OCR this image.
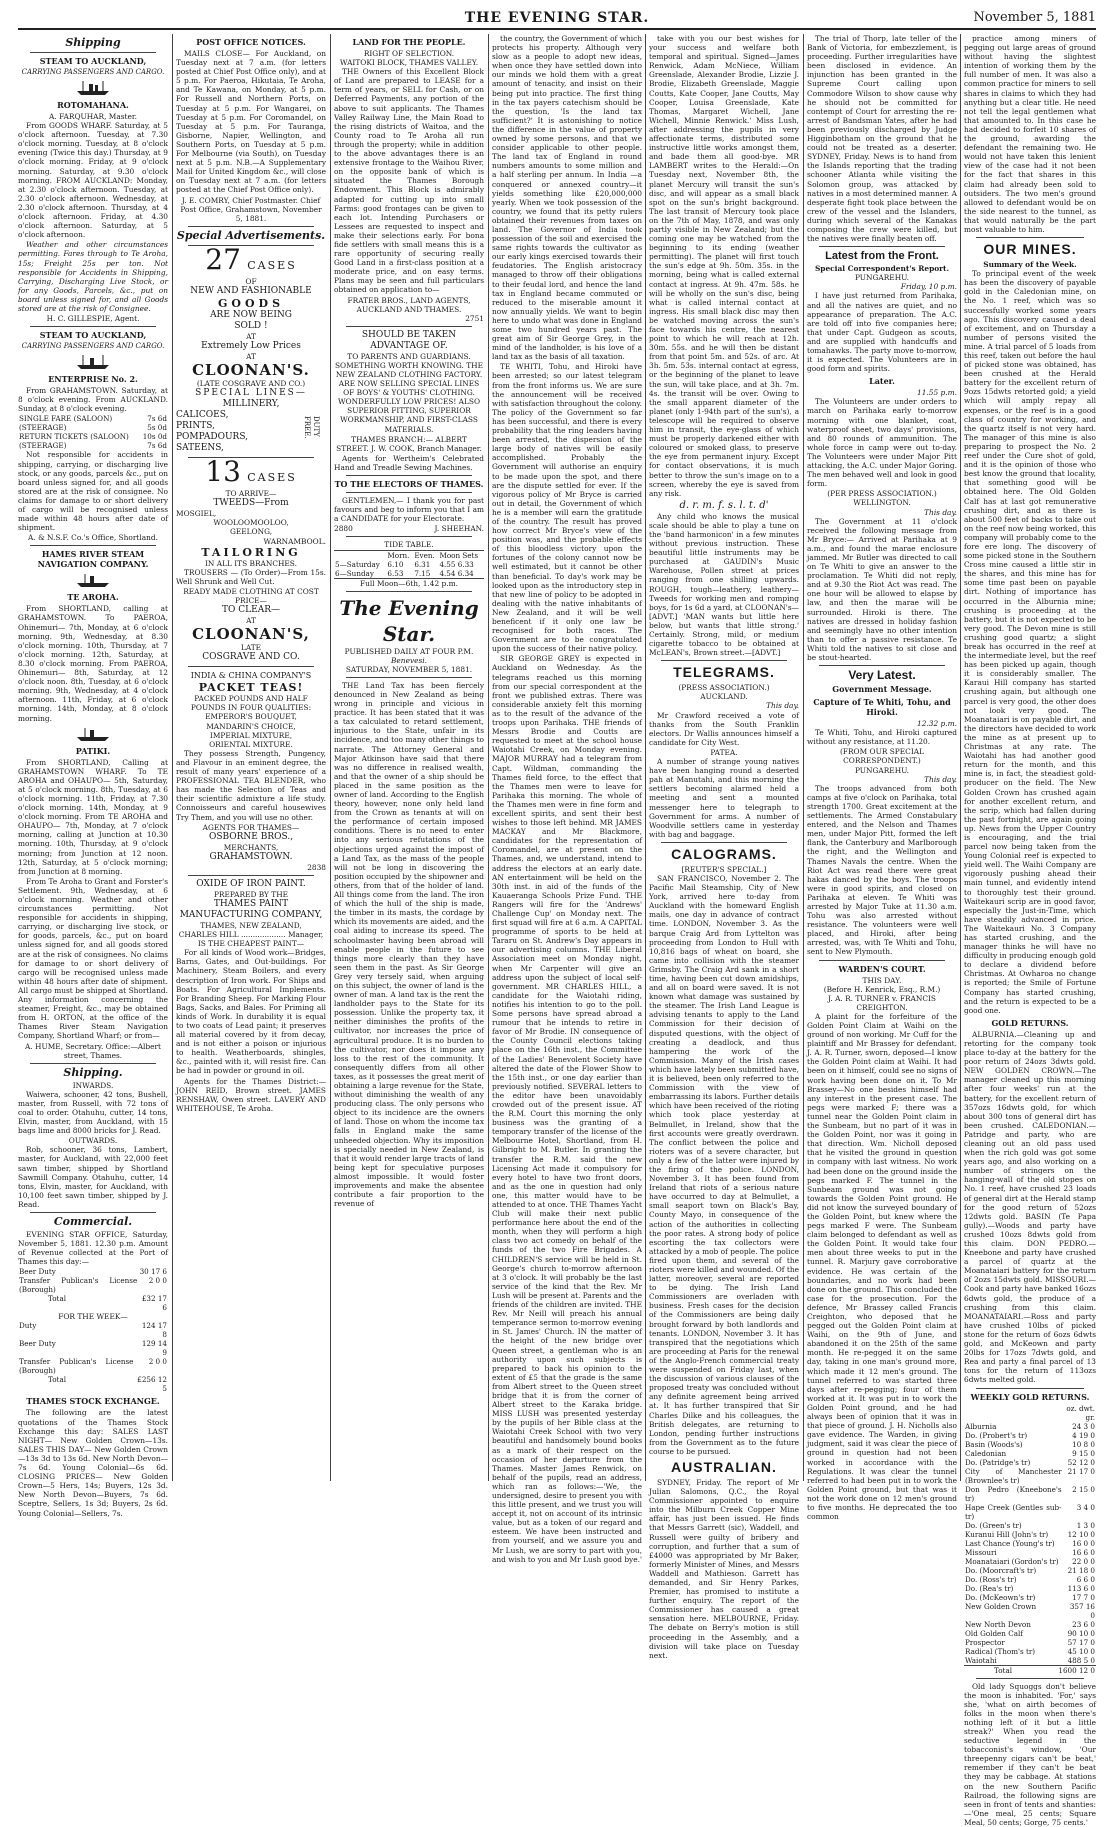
THE EVENING STAR.	November 5, 1881
Shipping
STEAM TO AUCKLAND,
CARRYING PASSENGERS AND CARGO.
ROTOMAHANA.
A. FARQUHAR, Master.

From GOODS WHARF. Saturday, at 5 o'clock afternoon. Tuesday, at 7.30 o'clock morning. Tuesday, at 8 o'clock evening (Twice this day.) Thursday, at 9 o'clock morning. Friday, at 9 o'clock morning. Saturday, at 9.30 o'clock morning. FROM AUCKLAND: Monday, at 2.30 o'clock afternoon. Tuesday, at 2.30 o'clock afternoon. Wednesday, at 2.30 o'clock afternoon. Thursday, at 4 o'clock afternoon. Friday, at 4.30 o'clock afternoon. Saturday, at 5 o'clock afternoon.

Weather and other circumstances permitting. Fares through to Te Aroha, 15s; Freight 25s per ton. Not responsible for Accidents in Shipping, Carrying, Discharging Live Stock, or for any Goods, Parcels, &c., put on board unless signed for, and all Goods stored are at the risk of Consignee.

H. C. GILLESPIE, Agent.
STEAM TO AUCKLAND,
CARRYING PASSENGERS AND CARGO.
ENTERPRISE No. 2.

From GRAHAMSTOWN. Saturday, at 8 o'clock evening. From AUCKLAND. Sunday, at 8 o'clock evening.

SINGLE FARE (SALOON)	7s 6d
(STEERAGE)	5s 0d
RETURN TICKETS (SALOON)	10s 0d
(STEERAGE)	7s 6d

Not responsible for accidents in shipping, carrying, or discharging live stock, or any goods, parcels &c., put on board unless signed for, and all goods stored are at the risk of consignee. No claims for damage to or short delivery of cargo will be recognised unless made within 48 hours after date of shipment.

A. & N.S.F. Co.'s Office, Shortland.
HAMES RIVER STEAM NAVIGATION COMPANY.
TE AROHA.

From SHORTLAND, calling at GRAHAMSTOWN. To PAEROA, Ohinemuri— 7th, Monday, at 6 o'clock morning. 9th, Wednesday, at 8.30 o'clock morning. 10th, Thursday, at 7 o'clock morning. 12th, Saturday, at 8.30 o'clock morning. From PAEROA, Ohinemuri— 8th, Saturday, at 12 o'clock noon. 8th, Tuesday, at 6 o'clock morning. 9th, Wednesday, at 4 o'clock afternoon. 11th, Friday, at 6 o'clock morning. 14th, Monday, at 8 o'clock morning.

PATIKI.

From SHORTLAND, Calling at GRAHAMSTOWN WHARF. To TE AROHA and OHAUPO— 5th, Saturday, at 5 o'clock morning. 8th, Tuesday, at 6 o'clock morning. 11th, Friday, at 7.30 o'clock morning. 14th, Monday, at 9 o'clock morning. From TE AROHA and OHAUPO— 7th, Monday, at 7 o'clock morning, calling at Junction at 10.30 morning. 10th, Thursday, at 9 o'clock morning; from Junction at 12 noon. 12th, Saturday, at 5 o'clock morning; from Junction at 8 morning.

From Te Aroha to Grant and Forster's Settlement. 9th, Wednesday, at 6 o'clock morning. Weather and other circumstances permitting. Not responsible for accidents in shipping, carrying, or discharging live stock, or for goods, parcels, &c., put on board unless signed for, and all goods stored are at the risk of consignees. No claims for damage to or short delivery of cargo will be recognised unless made within 48 hours after date of shipment. All cargo must be shipped at Shortland. Any information concerning the steamer, Freight, &c., may be obtained from H. ORTON, at the office of the Thames River Steam Navigation Company, Shortland Wharf; or from—

A. HUME, Secretary. Office:—Albert street, Thames.
Shipping.
INWARDS.

Waiwera, schooner, 42 tons, Bushell, master, from Russell, with 72 tons of coal to order. Otahuhu, cutter, 14 tons, Elvin, master, from Auckland, with 15 bags lime and 8000 bricks for J. Read.

OUTWARDS.

Rob, schooner, 36 tons, Lambert, master, for Auckland, with 22,000 feet sawn timber, shipped by Shortland Sawmill Company. Otahuhu, cutter, 14 tons, Elvin, master, for Auckland, with 10,100 feet sawn timber, shipped by J. Read.

Commercial.

EVENING STAR OFFICE, Saturday, November 5, 1881. 12.30 p.m. Amount of Revenue collected at the Port of Thames this day:—

Beer Duty	30 17 6
Transfer Publican's License (Borough)	2 0 0
Total	£32 17 6
FOR THE WEEK—
Duty	124 17 8
Beer Duty	129 14 9
Transfer Publican's License (Borough)	2 0 0
Total	£256 12 5
THAMES STOCK EXCHANGE.

The following are the latest quotations of the Thames Stock Exchange this day: SALES LAST NIGHT— New Golden Crown—13s. SALES THIS DAY— New Golden Crown—13s 3d to 13s 6d. New North Devon—7s 6d. Young Colonial—6s 6d. CLOSING PRICES— New Golden Crown—5 Hers, 14s; Buyers, 12s 3d. New North Devon—Buyers, 7s 6d. Sceptre, Sellers, 1s 3d; Buyers, 2s 6d. Young Colonial—Sellers, 7s.

POST OFFICE NOTICES.

MAILS CLOSE— For Auckland, on Tuesday next at 7 a.m. (for letters posted at Chief Post Office only), and at 5 p.m. For Paeroa, Hikutaia, Te Aroha, and Te Kawana, on Monday, at 5 p.m. For Russell and Northern Ports, on Tuesday at 5 p.m. For Wangarei, on Tuesday at 5 p.m. For Coromandel, on Tuesday at 5 p.m. For Tauranga, Gisborne, Napier, Wellington, and Southern Ports, on Tuesday at 5 p.m. For Melbourne (via South), on Tuesday next at 5 p.m. N.B.—A Supplementary Mail for United Kingdom &c., will close on Tuesday next at 7 a.m. (for letters posted at the Chief Post Office only).

J. E. COMRY, Chief Postmaster. Chief Post Office, Grahamstown, November 5, 1881.
Special Advertisements.
27 CASES
OF
NEW AND FASHIONABLE
GOODS
ARE NOW BEING
SOLD !
AT
Extremely Low Prices
AT
CLOONAN'S.
(LATE COSGRAVE AND CO.)
SPECIAL LINES—
MILLINERY,
CALICOES,
PRINTS,
POMPADOURS,
SATEENS,
DUTY FREE.
13 CASES
TO ARRIVE—
TWEEDS—From
MOSGIEL,
WOOLOOMOOLOO,
GEELONG,
WARNAMBOOL.
TAILORING
IN ALL ITS BRANCHES.

TROUSERS — (To Order)—From 15s. Well Shrunk and Well Cut.

READY MADE CLOTHING AT COST PRICE—
TO CLEAR—
AT
CLOONAN'S,
LATE
COSGRAVE AND CO.
INDIA & CHINA COMPANY'S
PACKET TEAS!
PACKED POUNDS AND HALF POUNDS IN FOUR QUALITIES:
EMPEROR'S BOUQUET,
MANDARIN'S CHOICE,
IMPERIAL MIXTURE,
ORIENTAL MIXTURE.

They possess Strength, Pungency, and Flavour in an eminent degree, the result of many years' experience of a PROFESSIONAL TEA BLENDER, who has made the Selection of Teas and their scientific admixture a life study. Connoisseurs and careful housewives Try Them, and you will use no other.

AGENTS FOR THAMES—
OSBORNE BROS.,
MERCHANTS,
GRAHAMSTOWN.
2838
OXIDE OF IRON PAINT.
PREPARED BY THE
THAMES PAINT MANUFACTURING COMPANY,
THAMES, NEW ZEALAND,
CHARLES HILL ................... Manager,
IS THE CHEAPEST PAINT—

For all kinds of Wood work—Bridges, Barns, Gates, and Out-buildings. For Machinery, Steam Boilers, and every description of Iron work. For Ships and Boats. For Agricultural Implements. For Branding Sheep. For Marking Flour Bags, Sacks, and Bales. For Priming all kinds of Work. In durability it is equal to two coats of Lead paint; it preserves all material covered by it from decay, and is not either a poison or injurious to health. Weatherboards, shingles, &c., painted with it, will resist fire. Can be had in powder or ground in oil.

Agents for the Thames District:— JOHN REID, Brown street. JAMES RENSHAW, Owen street. LAVERY AND WHITEHOUSE, Te Aroha.

LAND FOR THE PEOPLE.
RIGHT OF SELECTION.
WAITOKI BLOCK, THAMES VALLEY.

THE Owners of this Excellent Block of Land are prepared to LEASE for a term of years, or SELL for Cash, or on Deferred Payments, any portion of the above to suit applicants. The Thames Valley Railway Line, the Main Road to the rising districts of Waitoa, and the County road to Te Aroha all run through the property; while in addition to the above advantages there is an extensive frontage to the Waihou River, on the opposite bank of which is situated the Thames Borough Endowment. This Block is admirably adapted for cutting up into small Farms: good frontages can be given to each lot. Intending Purchasers or Lessees are requested to inspect and make their selections early. For bona fide settlers with small means this is a rare opportunity of securing really Good Land in a first-class position at a moderate price, and on easy terms. Plans may be seen and full particulars obtained on application to—

FRATER BROS., LAND AGENTS, AUCKLAND AND THAMES.
2751
SHOULD BE TAKEN ADVANTAGE OF.
TO PARENTS AND GUARDIANS.

SOMETHING WORTH KNOWING. THE NEW ZEALAND CLOTHING FACTORY. ARE NOW SELLING SPECIAL LINES OF BOYS' & YOUTHS' CLOTHING. WONDERFULLY LOW PRICES! ALSO SUPERIOR FITTING, SUPERIOR WORKMANSHIP, AND FIRST-CLASS MATERIALS.

THAMES BRANCH:— ALBERT STREET. J. W. COOK, Branch Manager.

Agents for Wertheim's Celebrated Hand and Treadle Sewing Machines.

TO THE ELECTORS OF THAMES.

GENTLEMEN,— I thank you for past favours and beg to inform you that I am a CANDIDATE for your Electorate.

2880	J. SHEEHAN.
TIDE TABLE.
	Morn.	Even.	Moon Sets
5—Saturday	6.10	6.31	4.55 6.33
6—Sunday	6.53	7.15	4.54 6.34
Full Moon—6th, 1.42 p.m.
The Evening Star.
PUBLISHED DAILY AT FOUR P.M.
Benevesi.
SATURDAY, NOVEMBER 5, 1881.

THE Land Tax has been fiercely denounced in New Zealand as being wrong in principle and vicious in practice. It has been stated that it was a tax calculated to retard settlement, injurious to the State, unfair in its incidence, and too many other things to narrate. The Attorney General and Major Atkinson have said that there was no difference in realised wealth, and that the owner of a ship should be placed in the same position as the owner of land. According to the English theory, however, none only held land from the Crown as tenants at will on the performance of certain imposed conditions. There is no need to enter into any serious refutations of the objections urged against the impost of a Land Tax, as the mass of the people will not be long in discovering the position occupied by the shipowner and others, from that of the holder of land. All things come from the land. The iron of which the hull of the ship is made, the timber in its masts, the cordage by which its movements are aided, and the coal aiding to increase its speed. The schoolmaster having been abroad will enable people in the future to see things more clearly than they have seen them in the past. As Sir George Grey very tersely said, when arguing on this subject, the owner of land is the owner of man. A land tax is the rent the landholder pays to the State for its possession. Unlike the property tax, it neither diminishes the profits of the cultivator, nor increases the price of agricultural produce. It is no burden to the cultivator, nor does it impose any loss to the rest of the community. It consequently differs from all other taxes, as it possesses the great merit of obtaining a large revenue for the State, without diminishing the wealth of any producing class. The only persons who object to its incidence are the owners of land. Those on whom the income tax falls in England make the same unheeded objection. Why its imposition is specially needed in New Zealand, is that it would render large tracts of land being kept for speculative purposes almost impossible. It would foster improvements and make the absentee contribute a fair proportion to the revenue of

the country, the Government of which protects his property. Although very slow as a people to adopt new ideas, when once they have settled down into our minds we hold them with a great amount of tenacity, and insist on their being put into practice. The first thing in the tax payers catechism should be the question, 'Is the land tax sufficient?' It is astonishing to notice the difference in the value of property owned by some persons, and that we consider applicable to other people. The land tax of England in round numbers amounts to some million and a half sterling per annum. In India —a conquered or annexed country—it yields something like £20,000,000 yearly. When we took possession of the country, we found that its petty rulers obtained their revenues from taxes on land. The Governor of India took possession of the soil and exercised the same rights towards the cultivator as our early kings exercised towards their feudatories. The English aristocracy managed to throw off their obligations to their feudal lord, and hence the land tax in England became commuted or reduced to the miserable amount it now annually yields. We want to begin here to undo what was done in England some two hundred years past. The great aim of Sir George Grey, in the mind of the landholder, is his love of a land tax as the basis of all taxation.

TE WHITI, Tohu, and Hiroki have been arrested; so our latest telegram from the front informs us. We are sure the announcement will be received with satisfaction throughout the colony. The policy of the Government so far has been successful, and there is every probability that the ring leaders having been arrested, the dispersion of the large body of natives will be easily accomplished. Probably the Government will authorise an enquiry to be made upon the spot, and there are the dispute settled for ever. If the vigorous policy of Mr Bryce is carried out in detail, the Government of which he is a member will earn the gratitude of the country. The result has proved how correct Mr Bryce's view of the position was, and the probable effects of this bloodless victory upon the fortunes of the colony cannot now be well estimated, but it cannot be other than beneficial. To day's work may be looked upon as the introductory step in that new line of policy to be adopted in dealing with the native inhabitants of New Zealand, and it will be well beneficent if it only one law be recognised for both races. The Government are to be congratulated upon the success of their native policy.

SIR GEORGE GREY is expected in Auckland on Wednesday. As the telegrams reached us this morning from our special correspondent at the front we published extras. There was considerable anxiety felt this morning as to the result of the advance of the troops upon Parihaka. THE friends of Messrs Brodie and Coutts are requested to meet at the school house Waiotahi Creek, on Monday evening. MAJOR MURRAY had a telegram from Capt. Wildman, commanding the Thames field force, to the effect that the Thames men were to leave for Parihaka this morning. The whole of the Thames men were in fine form and excellent spirits, and sent their best wishes to those left behind. MR JAMES MACKAY and Mr Blackmore, candidates for the representation of Coromandel, are at present on the Thames, and, we understand, intend to address the electors at an early date. AN entertainment will be held on the 30th inst. in aid of the funds of the Kauaeranga Schools Prize Fund. THE Rangers will fire for the 'Andrews' Challenge Cup' on Monday next. The first squad will fire at 6 a.m. A CAPITAL programme of sports to be held at Tararu on St. Andrew's Day appears in our advertising columns. THE Liberal Association meet on Monday night, when Mr Carpenter will give an address upon the subject of local self-government. MR CHARLES HILL, a candidate for the Waiotahi riding, notifies his intention to go to the poll. Some persons have spread abroad a rumour that he intends to retire in favor of Mr Brodie. IN consequence of the County Council elections taking place on the 16th inst., the Committee of the Ladies' Benevolent Society have altered the date of the Flower Show to the 15th inst., or one day earlier than previously notified. SEVERAL letters to the editor have been unavoidably crowded out of the present issue. AT the R.M. Court this morning the only business was the granting of a temporary transfer of the license of the Melbourne Hotel, Shortland, from H. Gilbright to M. Butler. In granting the transfer the R.M. said the new Licensing Act made it compulsory for every hotel to have two front doors, and as the one in question had only one, this matter would have to be attended to at once. THE Thames Yacht Club will make their next public performance here about the end of the month, when they will perform a high class two act comedy on behalf of the funds of the two Fire Brigades. A CHILDREN'S service will be held in St. George's church to-morrow afternoon at 3 o'clock. It will probably be the last service of the kind that the Rev. Mr Lush will be present at. Parents and the friends of the children are invited. THE Rev. Mr Neill will preach his annual temperance sermon to-morrow evening in St. James' Church. IN the matter of the height of the new bridge over Queen street, a gentleman who is an authority upon such subjects is prepared to back his opinion to the extent of £5 that the grade is the same from Albert street to the Queen street bridge that it is from the corner of Albert street to the Karaka bridge. MISS LUSH was presented yesterday by the pupils of her Bible class at the Waiotahi Creek School with two very beautiful and handsomely bound books as a mark of their respect on the occasion of her departure from the Thames. Master James Renwick, on behalf of the pupils, read an address, which ran as follows:—'We, the undersigned, desire to present you with this little present, and we trust you will accept it, not on account of its intrinsic value, but as a token of our regard and esteem. We have been instructed and from yourself, and we assure you and Mr Lush, we are sorry to part with you, and wish to you and Mr Lush good bye.'

take with you our best wishes for your success and welfare both temporal and spiritual. Signed—James Renwick, Adam McNiece, William Greenslade, Alexander Brodie, Lizzie J. Brodie, Elizabeth Greenslade, Maggie Coutts, Kate Cooper, Jane Coutts, May Cooper, Louisa Greenslade, Kate Thomas, Margaret Wichell, Jane Wichell, Minnie Renwick.' Miss Lush, after addressing the pupils in very affectionate terms, distributed some instructive little works amongst them, and bade them all good-bye. MR LAMBERT writes to the Herald:—On Tuesday next, November 8th, the planet Mercury will transit the sun's disc, and will appear as a small black spot on the sun's bright background. The last transit of Mercury took place on the 7th of May, 1878, and was only partly visible in New Zealand; but the coming one may be watched from the beginning to its ending (weather permitting). The planet will first touch the sun's edge at 9h. 50m. 35s. in the morning, being what is called external contact at ingress. At 9h. 47m. 58s. he will be wholly on the sun's disc, being what is called internal contact at ingress. His small black disc may then be watched moving across the sun's face towards his centre, the nearest point to which he will reach at 12h. 30m. 55s. and he will then be distant from that point 5m. and 52s. of arc. At 3h. 5m. 53s. internal contact at egress, or the beginning of the planet to leave the sun, will take place, and at 3h. 7m. 4s. the transit will be over. Owing to the small apparent diameter of the planet (only 1-94th part of the sun's), a telescope will be required to observe him in transit, the eye-glass of which must be properly darkened either with coloured or smoked glass, to preserve the eye from permanent injury. Except for contact observations, it is much better to throw the sun's image on to a screen, whereby the eye is saved from any risk.

d. r. m. f. s. l. t. d'

Any child who knows the musical scale should be able to play a tune on the 'band harmonicon' in a few minutes without previous instruction. These beautiful little instruments may be purchased at GAUDIN's Music Warehouse, Pollen street at prices ranging from one shilling upwards. ROUGH, tough—leathery, leathery—Tweeds for working men and romping boys, for 1s 6d a yard, at CLOONAN's—[ADVT.] 'MAN wants but little here below, but wants that little strong.' Certainly. Strong, mild, or medium cigarette tobacco to be obtained at McLEAN's, Brown street.—[ADVT.]

TELEGRAMS.
(PRESS ASSOCIATION.)
AUCKLAND.
This day.

Mr Crawford received a vote of thanks from the South Franklin electors. Dr Wallis announces himself a candidate for City West.

PATEA.

A number of strange young natives have been hanging round a deserted pah at Manutahi, and this morning the settlers becoming alarmed held a meeting and sent a mounted messenger here to telegraph to Government for arms. A number of Woodville settlers came in yesterday with bag and baggage.

CALOGRAMS.
[REUTER'S SPECIAL.]

SAN FRANCISCO, November 2. The Pacific Mail Steamship, City of New York, arrived here to-day from Auckland with the homeward English mails, one day in advance of contract time. LONDON, November 3. As the barque Craig Ard from Lyttelton was proceeding from London to Hull with 10,816 bags of wheat on board, she came into collision with the steamer Grimsby. The Craig Ard sank in a short time, having been cut down amidships, and all on board were saved. It is not known what damage was sustained by the steamer. The Irish Land League is advising tenants to apply to the Land Commission for their decision of disputed questions, with the object of creating a deadlock, and thus hampering the work of the Commission. Many of the Irish cases which have lately been submitted have, it is believed, been only referred to the Commission with the view of embarrassing its labors. Further details which have been received of the rioting which took place yesterday at Belmullet, in Ireland, show that the first accounts were greatly overdrawn. The conflict between the police and rioters was of a severe character, but only a few of the latter were injured by the firing of the police. LONDON, November 3. It has been found from Ireland that riots of a serious nature have occurred to day at Belmullet, a small seaport town on Black's Bay, County Mayo, in consequence of the action of the authorities in collecting the poor rates. A strong body of police escorting the tax collectors were attacked by a mob of people. The police fired upon them, and several of the rioters were killed and wounded. Of the latter, moreover, several are reported to be dying. The Irish Land Commissioners are overladen with business. Fresh cases for the decision of the Commissioners are being daily brought forward by both landlords and tenants. LONDON, November 3. It has transpired that the negotiations which are proceeding at Paris for the renewal of the Anglo-French commercial treaty were suspended on Friday last, when the discussion of various clauses of the proposed treaty was concluded without any definite agreement being arrived at. It has further transpired that Sir Charles Dilke and his colleagues, the British delegates, are returning to London, pending further instructions from the Government as to the future course to be pursued.

AUSTRALIAN.

SYDNEY, Friday. The report of Mr Julian Salomons, Q.C., the Royal Commissioner appointed to enquire into the Milburn Creek Copper Mine affair, has just been issued. He finds that Messrs Garrett (sic), Waddell, and Russell were guilty of bribery and corruption, and further that a sum of £4000 was appropriated by Mr Baker, formerly Minister of Mines, and Messrs Waddell and Mathieson. Garrett has demanded, and Sir Henry Parkes, Premier, has promised to institute a further enquiry. The report of the Commissioner has caused a great sensation here. MELBOURNE, Friday. The debate on Berry's motion is still proceeding in the Assembly, and a division will take place on Tuesday next.

The trial of Thorp, late teller of the Bank of Victoria, for embezzlement, is proceeding. Further irregularities have been disclosed in evidence. An injunction has been granted in the Supreme Court calling upon Commodore Wilson to show cause why he should not be committed for contempt of Court for arresting the re-arrest of Bandsman Yates, after he had been previously discharged by Judge Higginbotham on the ground that he could not be treated as a deserter. SYDNEY, Friday. News is to hand from the Islands reporting that the trading schooner Atlanta while visiting the Solomon group, was attacked by natives in a most determined manner. A desperate fight took place between the crew of the vessel and the Islanders, during which several of the Kanakas composing the crew were killed, but the natives were finally beaten off.

Latest from the Front.
Special Correspondent's Report.
PUNGAREHU.
Friday, 10 p.m.

I have just returned from Parihaka, and all the natives are quiet, and no appearance of preparation. The A.C. are told off into five companies here; that under Capt. Gudgeon as scouts, and are supplied with handcuffs and tomahawks. The party move to-morrow, it is expected. The Volunteers are in good form and spirits.

Later.
11.55 p.m.

The Volunteers are under orders to march on Parihaka early to-morrow morning with one blanket, coat, waterproof sheet, two days' provisions, and 80 rounds of ammunition. The whole force in camp were out to-day. The Volunteers were under Major Pitt attacking, the A.C. under Major Goring. The men behaved well and look in good form.

(PER PRESS ASSOCIATION.)
WELLINGTON.
This day.

The Government at 11 o'clock received the following message from Mr Bryce:— Arrived at Parihaka at 9 a.m., and found the marae enclosure jammed. Mr Butler was directed to call on Te Whiti to give an answer to the proclamation. Te Whiti did not reply, and at 9.30 the Riot Act was read. The one hour will be allowed to elapse by law, and then the marae will be surrounded. Hiroki is there. The natives are dressed in holiday fashion and seemingly have no other intention than to offer a passive resistance. Te Whiti told the natives to sit close and be stout-hearted.

Very Latest.
Government Message.
Capture of Te Whiti, Tohu, and Hiroki.
12.32 p.m.

Te Whiti, Tohu, and Hiroki captured without any resistance, at 11.20.

(FROM OUR SPECIAL CORRESPONDENT.)
PUNGAREHU.
This day.

The troops advanced from both camps at five o'clock on Parihaka, total strength 1700. Great excitement at the settlements. The Armed Constabulary entered, and the Nelson and Thames men, under Major Pitt, formed the left flank, the Canterbury and Marlborough the right, and the Wellington and Thames Navals the centre. When the Riot Act was read there were great hakas danced by the boys. The troops were in good spirits, and closed on Parihaka at eleven. Te Whiti was arrested by Major Tuke at 11.30 a.m. Tohu was also arrested without resistance. The volunteers were well placed, and Hiroki, after being arrested, was, with Te Whiti and Tohu, sent to New Plymouth.

WARDEN'S COURT.
THIS DAY.
(Before H. Kenrick, Esq., R.M.)
J. A. R. TURNER v. FRANCIS CREIGHTON.

A plaint for the forfeiture of the Golden Point Claim at Waihi on the ground of non working. Mr Cuff for the plaintiff and Mr Brassey for defendant. J. A. R. Turner, sworn, deposed—I know the Golden Point claim at Waihi. It had been on it himself, could see no signs of work having been done on it. To Mr Brassey—No one besides himself had any interest in the present case. The pegs were marked F; there was a tunnel near the Golden Point claim in the Sunbeam, but no part of it was in the Golden Point, nor was it going in that direction. Wm. Nicholl deposed that he visited the ground in question in company with last witness. No work had been done on the ground inside the pegs marked F. The tunnel in the Sunbeam ground was not going towards the Golden Point ground. He did not know the surveyed boundary of the Golden Point, but knew where the pegs marked F were. The Sunbeam claim belonged to defendant as well as the Golden Point. It would take four men about three weeks to put in the tunnel. R. Marjury gave corroborative evidence. He was certain of the boundaries, and no work had been done on the ground. This concluded the case for the prosecution. For the defence, Mr Brassey called Francis Creighton, who deposed that he pegged out the Golden Point claim at Waihi, on the 9th of June, and abandoned it on the 25th of the same month. He re-pegged it on the same day, taking in one man's ground more, which made it 12 men's ground. The tunnel referred to was started three days after re-pegging; four of them worked at it. It was put in to work the Golden Point ground, and he had always been of opinion that it was in that piece of ground. J. H. Nicholls also gave evidence. The Warden, in giving judgment, said it was clear the piece of ground in question had not been worked in accordance with the Regulations. It was clear the tunnel referred to had been put in to work the Golden Point ground, but that was it not the work done on 12 men's ground to five months. He deprecated the too common

practice among miners of pegging out large areas of ground without having the slightest intention of working them by the full number of men. It was also a common practice for miners to sell shares in claims to which they had anything but a clear title. He need not tell the legal gentlemen what that amounted to. In this case he had decided to forfeit 10 shares of the ground, awarding the defendant the remaining two. He would not have taken this lenient view of the case had it not been for the fact that shares in this claim had already been sold to outsiders. The two men's ground allowed to defendant would be on the side nearest to the tunnel, as that would naturally be the part most valuable to him.

OUR MINES.
Summary of the Week.

To principal event of the week has been the discovery of payable gold in the Caledonian mine, on the No. 1 reef, which was so successfully worked some years ago. This discovery caused a deal of excitement, and on Thursday a number of persons visited the mine. A trial parcel of 5 loads from this reef, taken out before the haul of picked stone was obtained, has been crushed at the Herald battery for the excellent return of 9ozs 15dwts retorted gold; a yield which will amply repay all expenses, or the reef is in a good class of country for working, and the quartz itself is not very hard. The manager of this mine is also preparing to prospect the No. 2 reef under the Cure shot of gold, and it is the opinion of those who best know the ground that locality, that something good will be obtained here. The Old Golden Calf has at last got remunerative crushing dirt, and as there is about 500 feet of backs to take out on the reef now being worked, this company will probably come to the fore ere long. The discovery of some picked stone in the Southern Cross mine caused a little stir in the shares, and this mine has for some time past been on payable dirt. Nothing of importance has occurred in the Alburnia mine; crushing is proceeding at the battery, but it is not expected to be very good. The Devon mine is still crushing good quartz; a slight break has occurred in the reef at the intermediate level, but the reef has been picked up again, though it is considerably smaller. The Karaui Hill company has started crushing again, but although one parcel is very good, the other does not look very good. The Moanataiari is on payable dirt, and the directors have decided to work the mine as at present up to Christmas at any rate. The Waiotahi has had another good return for the month, and this mine is, in fact, the steadiest gold-producer on the field. The New Golden Crown has crushed again for another excellent return, and the scrip, which had fallen during the past fortnight, are again going up. News from the Upper Country is encouraging, and the trial parcel now being taken from the Young Colonial reef is expected to yield well. The Waihi Company are vigorously pushing ahead their main tunnel, and evidently intend to thoroughly test their ground. Waitekauri scrip are in good favor, especially the Just-in-Time, which have steadily advanced in price. The Waitekauri No. 3 Company has started crushing, and the manager thinks he will have no difficulty in producing enough gold to declare a dividend before Christmas. At Owharoa no change is reported; the Smile of Fortune Company has started crushing, and the return is expected to be a good one.

GOLD RETURNS.

ALBURNIA.—Cleaning up and retorting for the company took place to-day at the battery for the poor return of 24ozs 3dwts gold. NEW GOLDEN CROWN.—The manager cleaned up this morning after four weeks' run at the battery, for the excellent return of 357ozs 16dwts gold, for which about 300 tons of general dirt has been crushed. CALEDONIAN.—Patridge and party, who are cleaning out an old pass used when the rich gold was got some years ago, and also working on a number of stringers on the hanging-wall of the old stopes on No. 1 reef, have crushed 23 loads of general dirt at the Herald stamp for the good return of 52ozs 12dwts gold. BASIN (Te Papa gully).—Woods and party have crushed 10ozs 8dwts gold from this claim. DON PEDRO.—Kneebone and party have crushed a parcel of quartz at the Moanataiari battery for the return of 2ozs 15dwts gold. MISSOURI.—Cook and party have banked 16ozs 6dwts gold, the produce of a crushing from this claim. MOANATAIARI.—Ross and party have crushed 10lbs of picked stone for the return of 6ozs 6dwts gold, and McKeown and party 20lbs for 17ozs 7dwts gold, and Rea and party a final parcel of 13 tons for the return of 113ozs 6dwts melted gold.

WEEKLY GOLD RETURNS.
	oz. dwt. gr.
Alburnia	24 3 0
Do. (Probert's tr)	4 19 0
Basin (Woods's)	10 8 0
Caledonian	9 15 0
Do. (Patridge's tr)	52 12 0
City of Manchester (Brownlee's tr)	21 17 0
Don Pedro (Kneebone's tr)	2 15 0
Hape Creek (Gentles sub-tr)	3 4 0
Do. (Green's tr)	1 3 0
Kuranui Hill (John's tr)	12 10 0
Last Chance (Young's tr)	16 0 0
Missouri	16 6 0
Moanataiari (Gordon's tr)	22 0 0
Do. (Moorcraft's tr)	21 18 0
Do. (Ross's tr)	6 6 0
Do. (Rea's tr)	113 6 0
Do. (McKeown's tr)	17 7 0
New Golden Crown	357 16 0
New North Devon	23 6 0
Old Golden Calf	90 10 0
Prospector	57 17 0
Radical (Thom's tr)	45 10 0
Waiotahi	488 5 0
Total	1600 12 0

Old lady Squoggs don't believe the moon is inhabited. 'For,' says she, 'what on airth becomes of folks in the moon when there's nothing left of it but a little streak?' When you read the seductive legend in the tobacconist's window, 'Our threepenny cigars can't be beat,' remember if they can't be beat they may be cabbage. At stations on the new Southern Pacific Railroad, the following signs are seen in front of tents and shanties:—'One meal, 25 cents; Square Meal, 50 cents; Gorge, 75 cents.'
